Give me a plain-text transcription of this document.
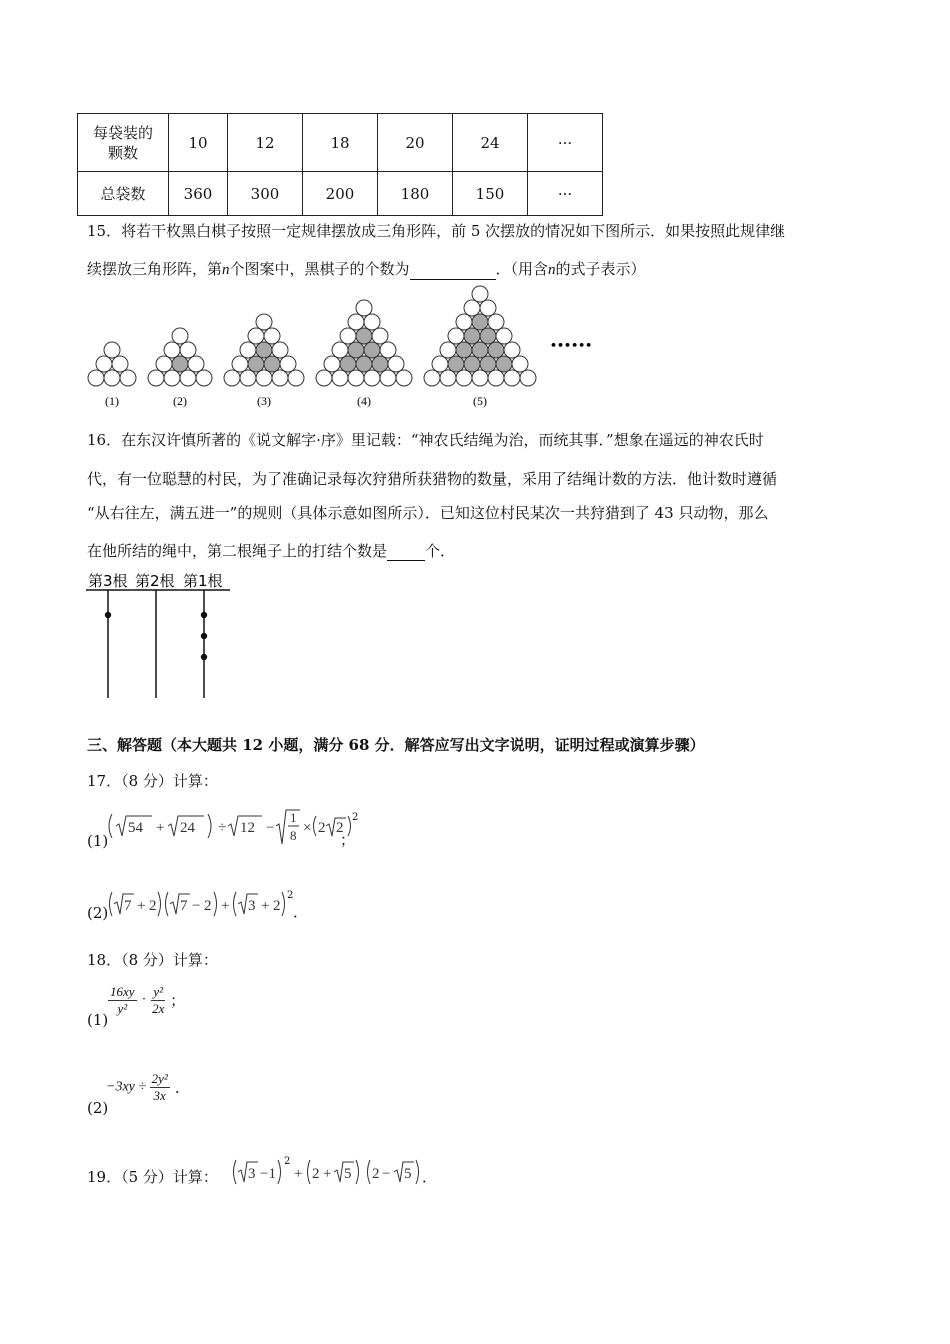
每袋装的颗数	10	12	18	20	24	···
总袋数	360	300	200	180	150	···
15．将若干枚黑白棋子按照一定规律摆放成三角形阵，前 5 次摆放的情况如下图所示．如果按照此规律继
续摆放三角形阵，第n个图案中，黑棋子的个数为	．（用含n的式子表示）
(1)	(2)	(3)	(4)	(5)
••••••
16．在东汉许慎所著的《说文解字·序》里记载：“神农氏结绳为治，而统其事．”想象在遥远的神农氏时
代，有一位聪慧的村民，为了准确记录每次狩猎所获猎物的数量，采用了结绳计数的方法．他计数时遵循
“从右往左，满五进一”的规则（具体示意如图所示）．已知这位村民某次一共狩猎到了 43 只动物，那么
在他所结的绳中，第二根绳子上的打结个数是	个．
第3根 第2根 第1根
三、解答题（本大题共 12 小题，满分 68 分．解答应写出文字说明，证明过程或演算步骤）
17．（8 分）计算：
(1)
54 + 24 ÷ 12 −
1
8 × 2 2
2
；
(2) 7 + 2 7 − 2 + 3 + 2
2
．
18．（8 分）计算：
(1)
$\frac{16xy}{\text{y²}} \cdot \frac{\text{y²}}{2x}$ ；
(2)
$-3xy \div \frac{\text{2y²}}{3x}$ ．
19．（5 分）计算： 3 −1 + 2 + 5 2 − 5
2
．
